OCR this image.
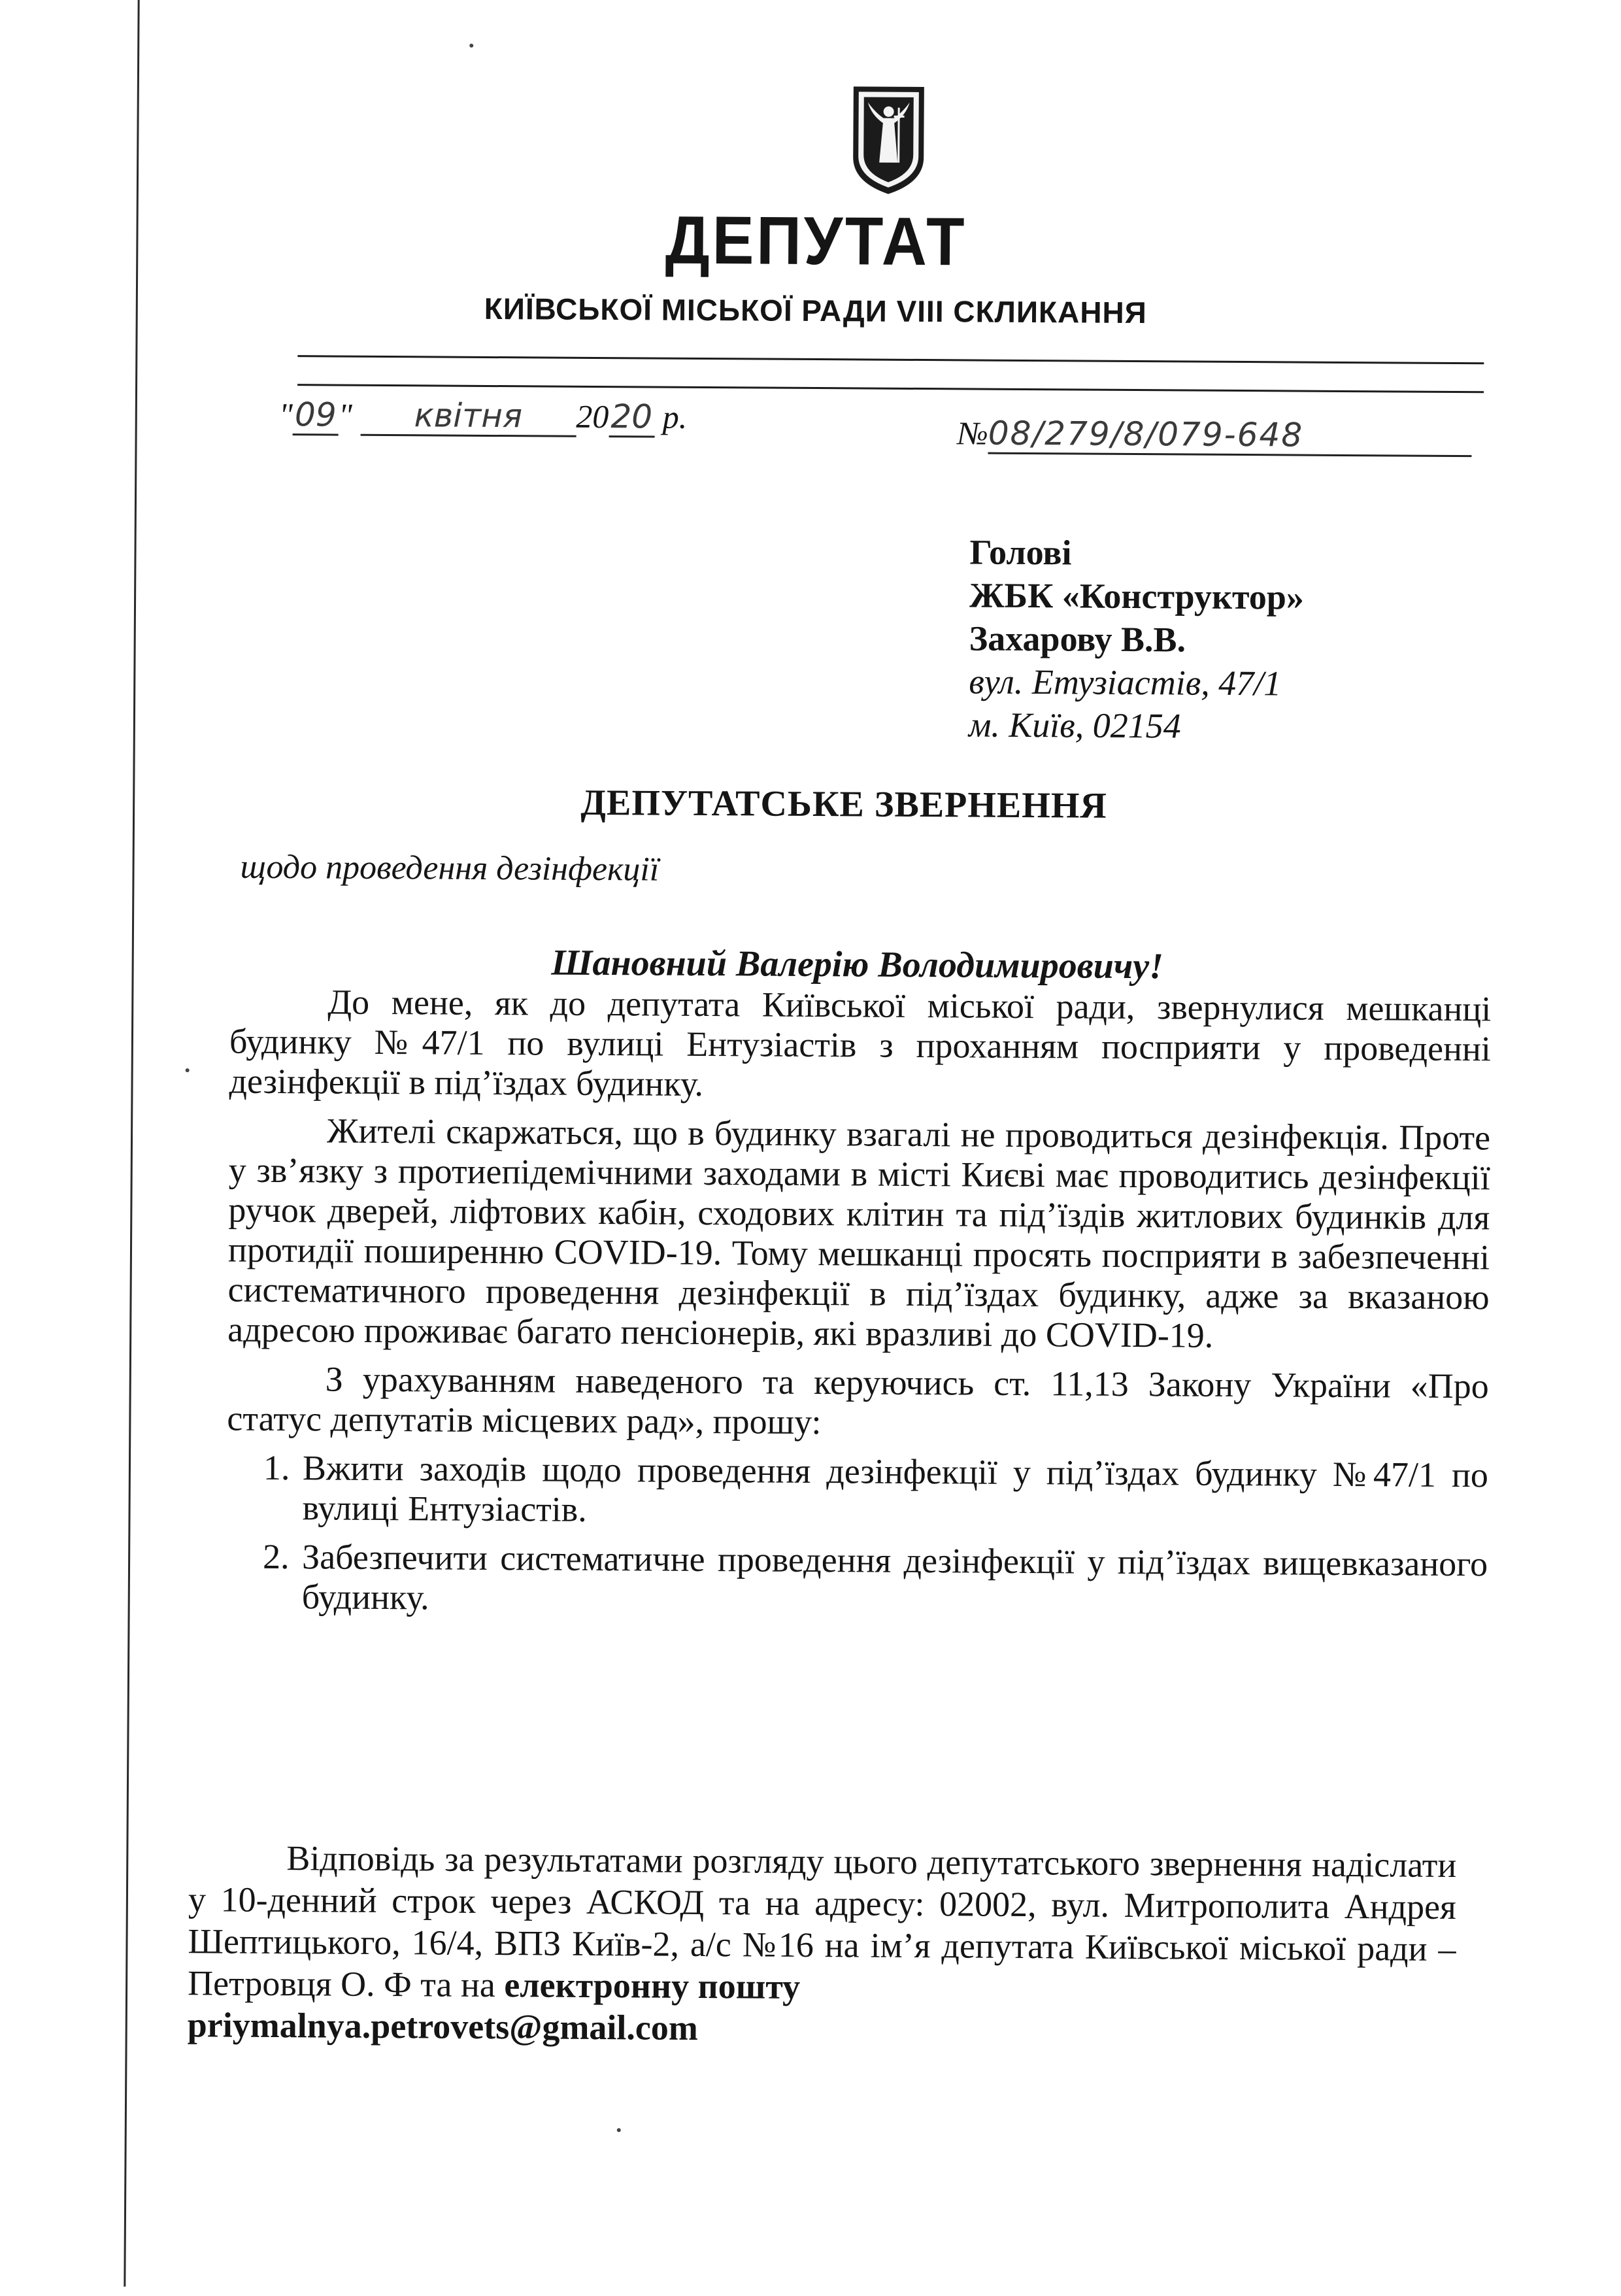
ДЕПУТАТ
КИЇВСЬКОЇ МІСЬКОЇ РАДИ VIII СКЛИКАННЯ
"09" квітня 2020 р.	№08/279/8/079-648
Голові
ЖБК «Конструктор»
Захарову В.В.
вул. Етузіастів, 47/1
м. Київ, 02154
ДЕПУТАТСЬКЕ ЗВЕРНЕННЯ
щодо проведення дезінфекції
Шановний Валерію Володимировичу!

До мене, як до депутата Київської міської ради, звернулися мешканці будинку №47/1 по вулиці Ентузіастів з проханням посприяти у проведенні дезінфекції в під’їздах будинку.

Жителі скаржаться, що в будинку взагалі не проводиться дезінфекція. Проте у зв’язку з протиепідемічними заходами в місті Києві має проводитись дезінфекції ручок дверей, ліфтових кабін, сходових клітин та під’їздів житлових будинків для протидії поширенню COVID-19. Тому мешканці просять посприяти в забезпеченні систематичного проведення дезінфекції в під’їздах будинку, адже за вказаною адресою проживає багато пенсіонерів, які вразливі до COVID-19.

З урахуванням наведеного та керуючись ст. 11,13 Закону України «Про статус депутатів місцевих рад», прошу:

1. Вжити заходів щодо проведення дезінфекції у під’їздах будинку №47/1 по вулиці Ентузіастів.
2. Забезпечити систематичне проведення дезінфекції у під’їздах вищевказаного будинку.
Відповідь за результатами розгляду цього депутатського звернення надіслати у 10-денний строк через АСКОД та на адресу: 02002, вул. Митрополита Андрея Шептицького, 16/4, ВПЗ Київ-2, а/с №16 на ім’я депутата Київської міської ради – Петровця О. Ф та на електронну пошту
priymalnya.petrovets@gmail.com
